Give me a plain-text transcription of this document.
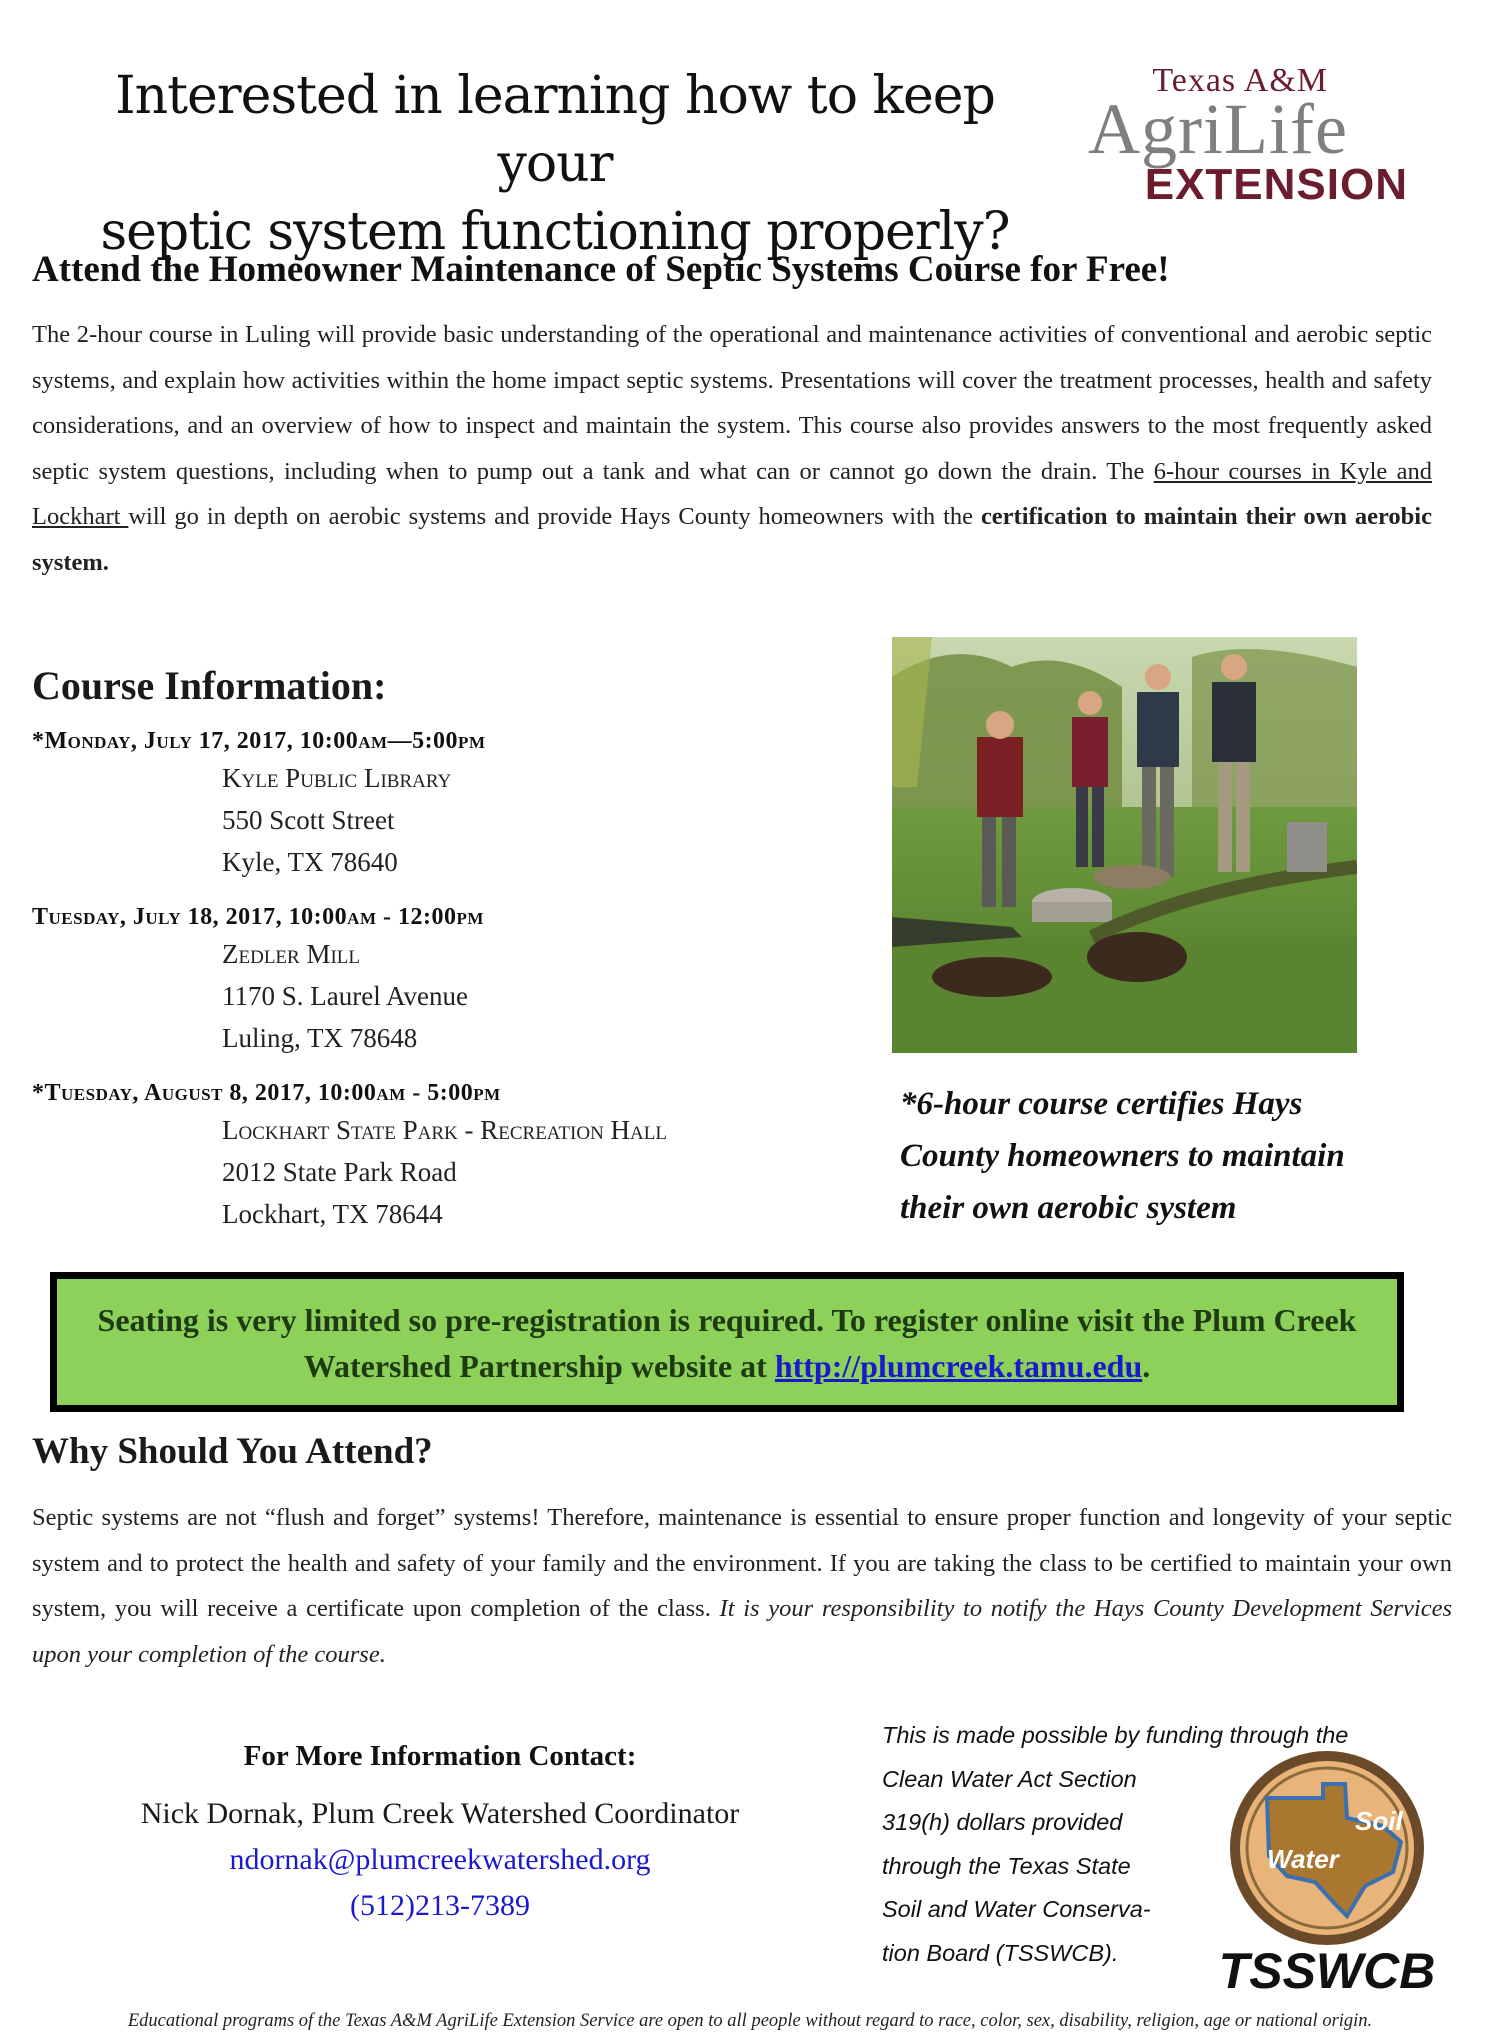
Interested in learning how to keep your
septic system functioning properly?
Texas A&M
AgriLife
EXTENSION
Attend the Homeowner Maintenance of Septic Systems Course for Free!
The 2-hour course in Luling will provide basic understanding of the operational and maintenance activities of conventional and aerobic septic systems, and explain how activities within the home impact septic systems. Presentations will cover the treatment processes, health and safety considerations, and an overview of how to inspect and maintain the system. This course also provides answers to the most frequently asked septic system questions, including when to pump out a tank and what can or cannot go down the drain. The 6-hour courses in Kyle and Lockhart will go in depth on aerobic systems and provide Hays County homeowners with the certification to maintain their own aerobic system.
Course Information:
*Monday, July 17, 2017, 10:00am—5:00pm
Kyle Public Library
550 Scott Street
Kyle, TX 78640
Tuesday, July 18, 2017, 10:00am - 12:00pm
Zedler Mill
1170 S. Laurel Avenue
Luling, TX 78648
*Tuesday, August 8, 2017, 10:00am - 5:00pm
Lockhart State Park - Recreation Hall
2012 State Park Road
Lockhart, TX 78644
*6-hour course certifies Hays County homeowners to maintain their own aerobic system
Seating is very limited so pre-registration is required. To register online visit the Plum Creek Watershed Partnership website at http://plumcreek.tamu.edu.
Why Should You Attend?
Septic systems are not “flush and forget” systems! Therefore, maintenance is essential to ensure proper function and longevity of your septic system and to protect the health and safety of your family and the environment. If you are taking the class to be certified to maintain your own system, you will receive a certificate upon completion of the class. It is your responsibility to notify the Hays County Development Services upon your completion of the course.
For More Information Contact:
Nick Dornak, Plum Creek Watershed Coordinator
ndornak@plumcreekwatershed.org
(512)213-7389
This is made possible by funding through the
Clean Water Act Section
319(h) dollars provided
through the Texas State
Soil and Water Conserva-
tion Board (TSSWCB).
Soil
Water
TSSWCB
Educational programs of the Texas A&M AgriLife Extension Service are open to all people without regard to race, color, sex, disability, religion, age or national origin.
